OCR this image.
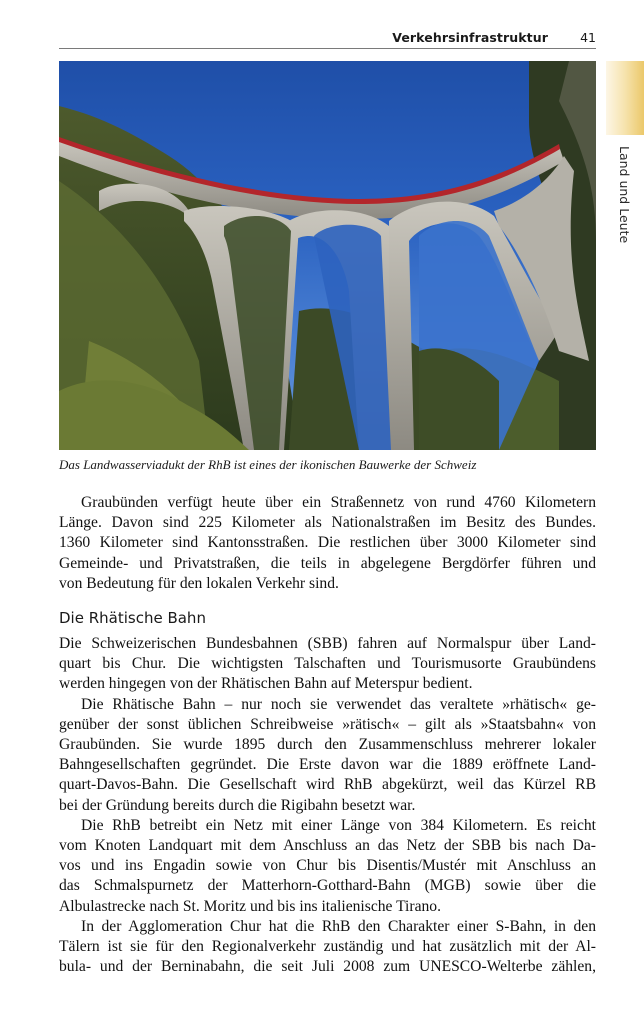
Verkehrsinfrastruktur	41
Land und Leute
Das Landwasserviadukt der RhB ist eines der ikonischen Bauwerke der Schweiz

Graubünden verfügt heute über ein Straßennetz von rund 4760 Kilometern
Länge. Davon sind 225 Kilometer als Nationalstraßen im Besitz des Bundes.
1360 Kilometer sind Kantonsstraßen. Die restlichen über 3000 Kilometer sind
Gemeinde- und Privatstraßen, die teils in abgelegene Bergdörfer führen und
von Bedeutung für den lokalen Verkehr sind.

Die Rhätische Bahn

Die Schweizerischen Bundesbahnen (SBB) fahren auf Normalspur über Land-
quart bis Chur. Die wichtigsten Talschaften und Tourismusorte Graubündens
werden hingegen von der Rhätischen Bahn auf Meterspur bedient.

Die Rhätische Bahn – nur noch sie verwendet das veraltete »rhätisch« ge-
genüber der sonst üblichen Schreibweise »rätisch« – gilt als »Staatsbahn« von
Graubünden. Sie wurde 1895 durch den Zusammenschluss mehrerer lokaler
Bahngesellschaften gegründet. Die Erste davon war die 1889 eröffnete Land-
quart-Davos-Bahn. Die Gesellschaft wird RhB abgekürzt, weil das Kürzel RB
bei der Gründung bereits durch die Rigibahn besetzt war.

Die RhB betreibt ein Netz mit einer Länge von 384 Kilometern. Es reicht
vom Knoten Landquart mit dem Anschluss an das Netz der SBB bis nach Da-
vos und ins Engadin sowie von Chur bis Disentis/Mustér mit Anschluss an
das Schmalspurnetz der Matterhorn-Gotthard-Bahn (MGB) sowie über die
Albulastrecke nach St. Moritz und bis ins italienische Tirano.

In der Agglomeration Chur hat die RhB den Charakter einer S-Bahn, in den
Tälern ist sie für den Regionalverkehr zuständig und hat zusätzlich mit der Al-
bula- und der Berninabahn, die seit Juli 2008 zum UNESCO-Welterbe zählen,
